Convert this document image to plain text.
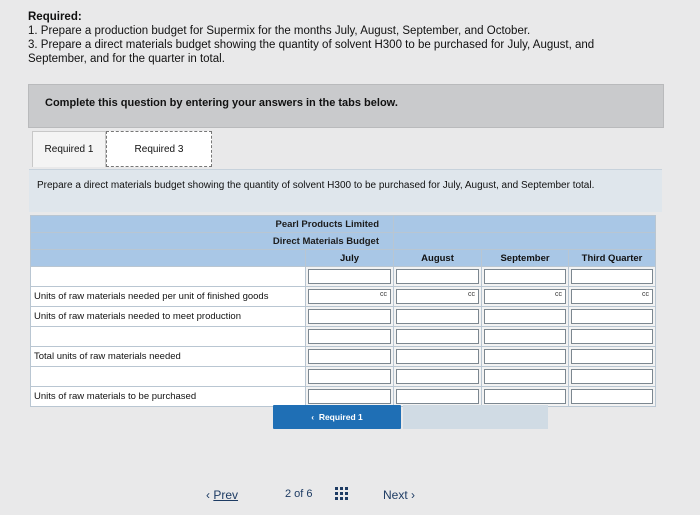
Required:
1. Prepare a production budget for Supermix for the months July, August, September, and October.
3. Prepare a direct materials budget showing the quantity of solvent H300 to be purchased for July, August, and
September, and for the quarter in total.
Complete this question by entering your answers in the tabs below.
Required 1	Required 3
Prepare a direct materials budget showing the quantity of solvent H300 to be purchased for July, August, and September total.
Pearl Products Limited				
Direct Materials Budget				
	July	August	September	Third Quarter

Units of raw materials needed per unit of finished goods	cc	cc	cc	cc

Units of raw materials needed to meet production	

Total units of raw materials needed	

Units of raw materials to be purchased	

‹ Required 1
‹ Prev	2 of 6	Next ›
